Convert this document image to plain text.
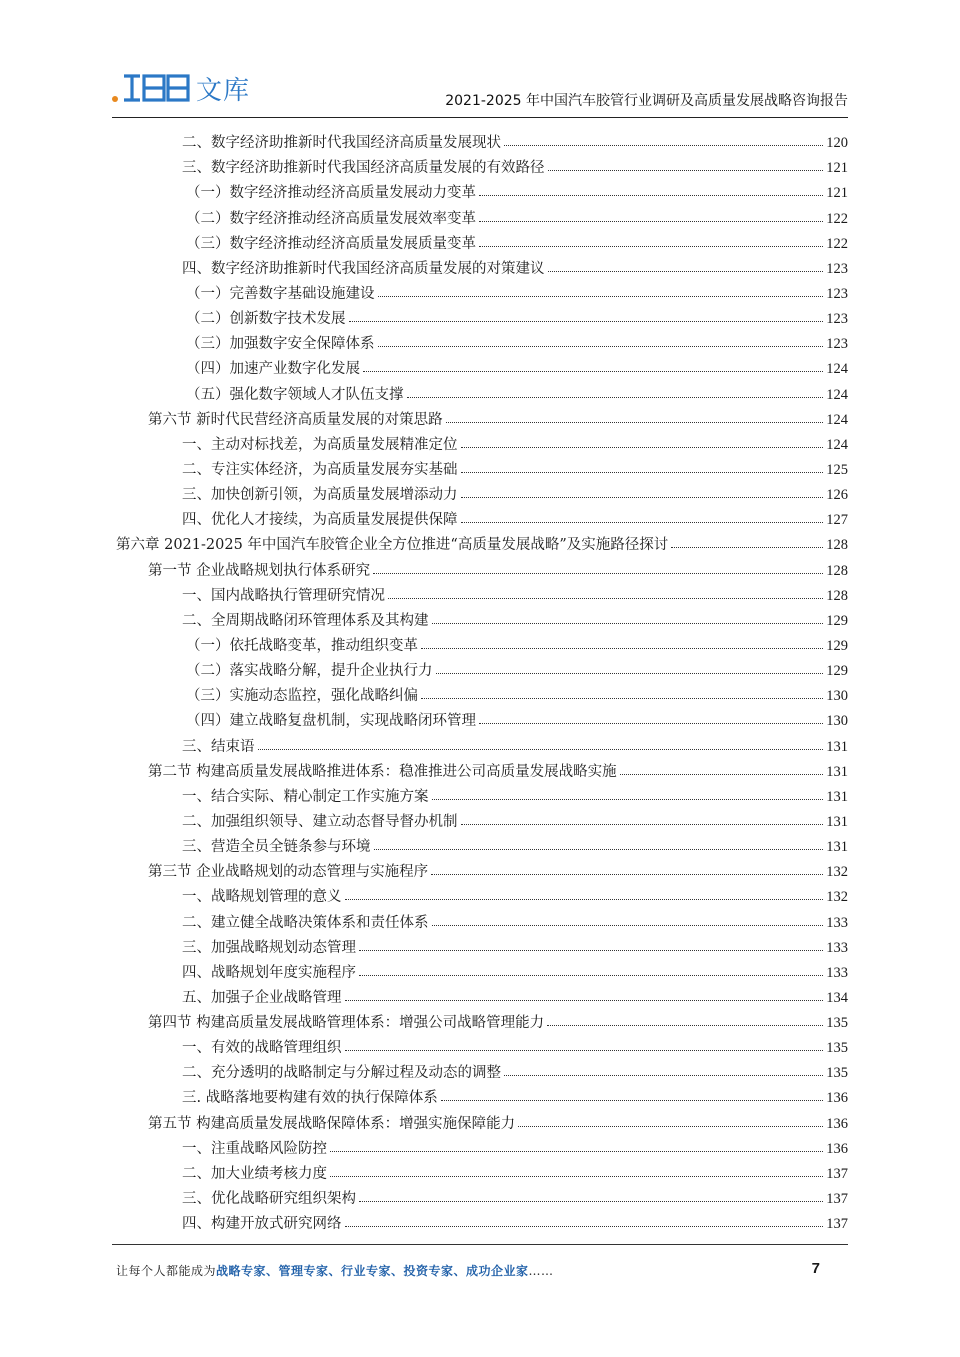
文库	2021-2025 年中国汽车胶管行业调研及高质量发展战略咨询报告
二、数字经济助推新时代我国经济高质量发展现状	120
三、数字经济助推新时代我国经济高质量发展的有效路径	121
（一）数字经济推动经济高质量发展动力变革	121
（二）数字经济推动经济高质量发展效率变革	122
（三）数字经济推动经济高质量发展质量变革	122
四、数字经济助推新时代我国经济高质量发展的对策建议	123
（一）完善数字基础设施建设	123
（二）创新数字技术发展	123
（三）加强数字安全保障体系	123
（四）加速产业数字化发展	124
（五）强化数字领域人才队伍支撑	124
第六节 新时代民营经济高质量发展的对策思路	124
一、主动对标找差，为高质量发展精准定位	124
二、专注实体经济，为高质量发展夯实基础	125
三、加快创新引领，为高质量发展增添动力	126
四、优化人才接续，为高质量发展提供保障	127
第六章 2021-2025 年中国汽车胶管企业全方位推进“高质量发展战略”及实施路径探讨	128
第一节 企业战略规划执行体系研究	128
一、国内战略执行管理研究情况	128
二、全周期战略闭环管理体系及其构建	129
（一）依托战略变革，推动组织变革	129
（二）落实战略分解，提升企业执行力	129
（三）实施动态监控，强化战略纠偏	130
（四）建立战略复盘机制，实现战略闭环管理	130
三、结束语	131
第二节 构建高质量发展战略推进体系：稳准推进公司高质量发展战略实施	131
一、结合实际、精心制定工作实施方案	131
二、加强组织领导、建立动态督导督办机制	131
三、营造全员全链条参与环境	131
第三节 企业战略规划的动态管理与实施程序	132
一、战略规划管理的意义	132
二、建立健全战略决策体系和责任体系	133
三、加强战略规划动态管理	133
四、战略规划年度实施程序	133
五、加强子企业战略管理	134
第四节 构建高质量发展战略管理体系：增强公司战略管理能力	135
一、有效的战略管理组织	135
二、充分透明的战略制定与分解过程及动态的调整	135
三. 战略落地要构建有效的执行保障体系	136
第五节 构建高质量发展战略保障体系：增强实施保障能力	136
一、注重战略风险防控	136
二、加大业绩考核力度	137
三、优化战略研究组织架构	137
四、构建开放式研究网络	137
让每个人都能成为战略专家、管理专家、行业专家、投资专家、成功企业家……	7
